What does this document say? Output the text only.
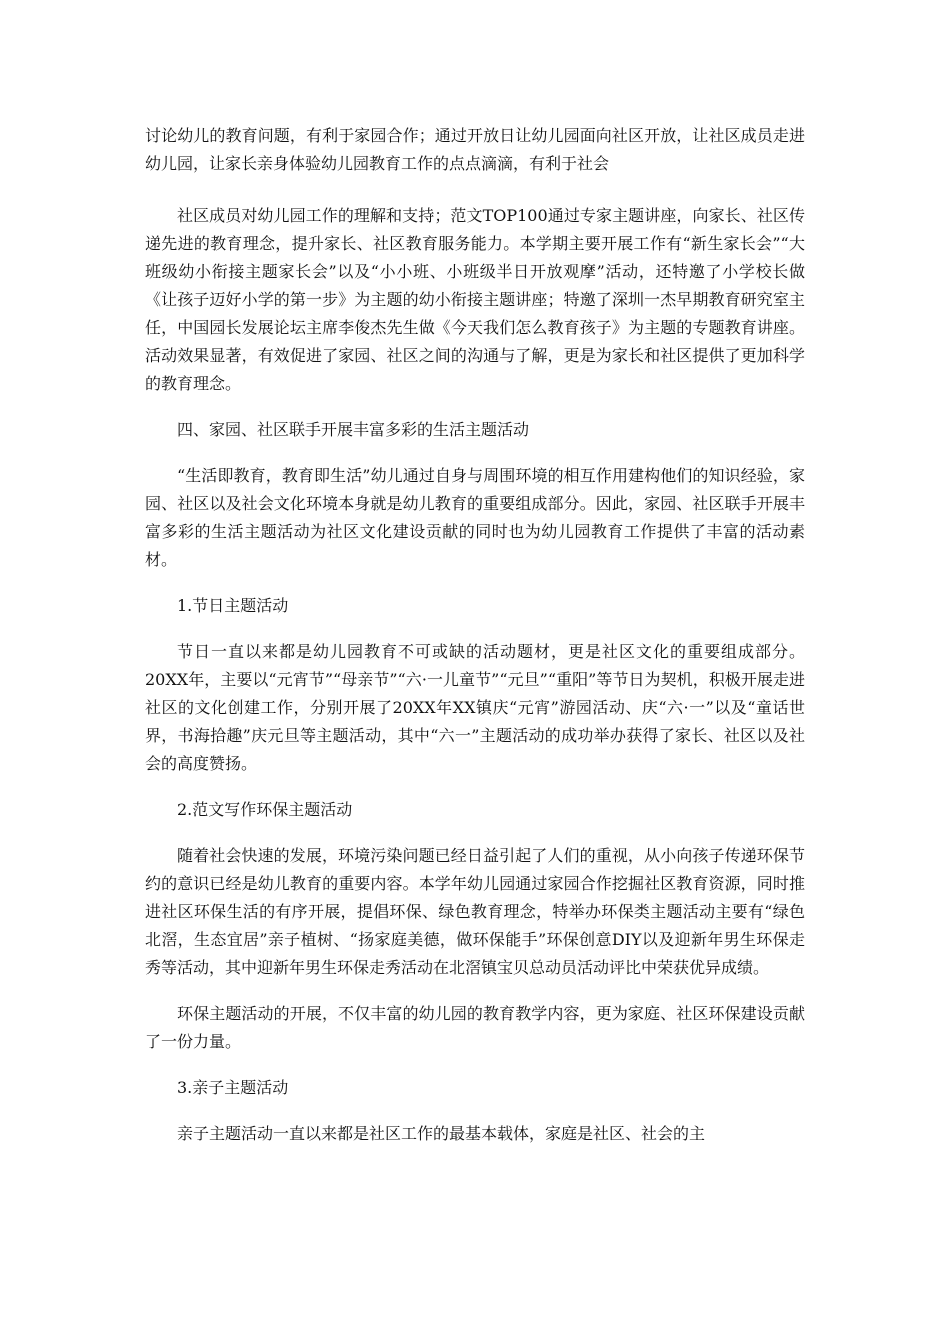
讨论幼儿的教育问题，有利于家园合作；通过开放日让幼儿园面向社区开放，让社区成员走进幼儿园，让家长亲身体验幼儿园教育工作的点点滴滴，有利于社会

社区成员对幼儿园工作的理解和支持；范文TOP100通过专家主题讲座，向家长、社区传递先进的教育理念，提升家长、社区教育服务能力。本学期主要开展工作有“新生家长会”“大班级幼小衔接主题家长会”以及“小小班、小班级半日开放观摩”活动，还特邀了小学校长做《让孩子迈好小学的第一步》为主题的幼小衔接主题讲座；特邀了深圳一杰早期教育研究室主任，中国园长发展论坛主席李俊杰先生做《今天我们怎么教育孩子》为主题的专题教育讲座。活动效果显著，有效促进了家园、社区之间的沟通与了解，更是为家长和社区提供了更加科学的教育理念。

四、家园、社区联手开展丰富多彩的生活主题活动

“生活即教育，教育即生活”幼儿通过自身与周围环境的相互作用建构他们的知识经验，家园、社区以及社会文化环境本身就是幼儿教育的重要组成部分。因此，家园、社区联手开展丰富多彩的生活主题活动为社区文化建设贡献的同时也为幼儿园教育工作提供了丰富的活动素材。

1.节日主题活动

节日一直以来都是幼儿园教育不可或缺的活动题材，更是社区文化的重要组成部分。20XX年，主要以“元宵节”“母亲节”“六·一儿童节”“元旦”“重阳”等节日为契机，积极开展走进社区的文化创建工作，分别开展了20XX年XX镇庆“元宵”游园活动、庆“六·一”以及“童话世界，书海拾趣”庆元旦等主题活动，其中“六一”主题活动的成功举办获得了家长、社区以及社会的高度赞扬。

2.范文写作环保主题活动

随着社会快速的发展，环境污染问题已经日益引起了人们的重视，从小向孩子传递环保节约的意识已经是幼儿教育的重要内容。本学年幼儿园通过家园合作挖掘社区教育资源，同时推进社区环保生活的有序开展，提倡环保、绿色教育理念，特举办环保类主题活动主要有“绿色北滘，生态宜居”亲子植树、“扬家庭美德，做环保能手”环保创意DIY以及迎新年男生环保走秀等活动，其中迎新年男生环保走秀活动在北滘镇宝贝总动员活动评比中荣获优异成绩。

环保主题活动的开展，不仅丰富的幼儿园的教育教学内容，更为家庭、社区环保建设贡献了一份力量。

3.亲子主题活动

亲子主题活动一直以来都是社区工作的最基本载体，家庭是社区、社会的主
